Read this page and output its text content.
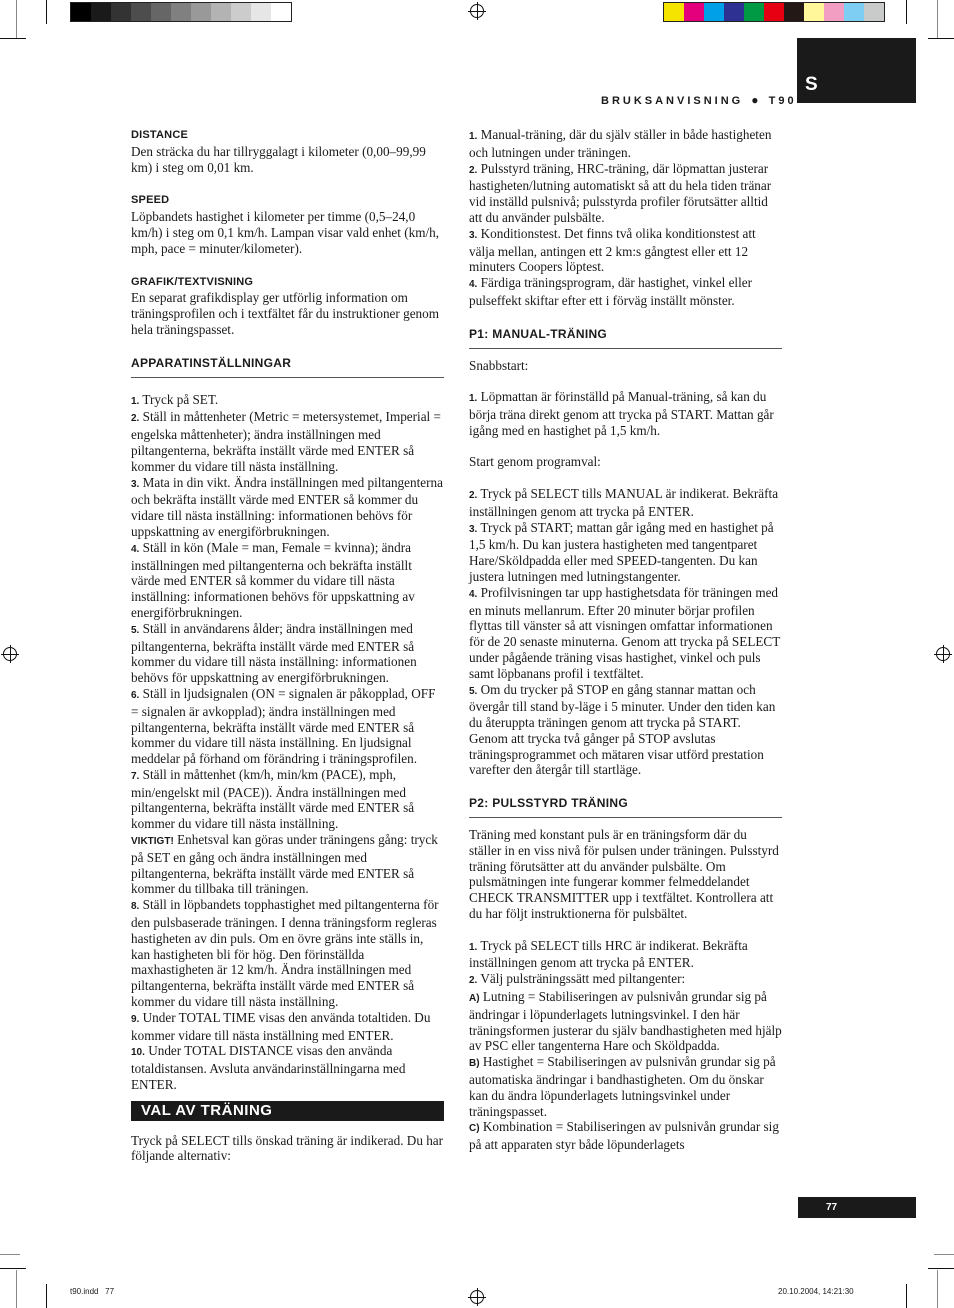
BRUKSANVISNING ● T90
S

DISTANCE

Den sträcka du har tillryggalagt i kilometer (0,00–99,99 km) i steg om 0,01 km.

SPEED

Löpbandets hastighet i kilometer per timme (0,5–24,0 km/h) i steg om 0,1 km/h. Lampan visar vald enhet (km/h, mph, pace = minuter/kilometer).

GRAFIK/TEXTVISNING

En separat grafikdisplay ger utförlig information om träningsprofilen och i textfältet får du instruktioner genom hela träningspasset.

APPARATINSTÄLLNINGAR

1. Tryck på SET.

2. Ställ in måttenheter (Metric = metersystemet, Imperial = engelska måttenheter); ändra inställningen med piltangenterna, bekräfta inställt värde med ENTER så kommer du vidare till nästa inställning.

3. Mata in din vikt. Ändra inställningen med piltangenterna och bekräfta inställt värde med ENTER så kommer du vidare till nästa inställning: informationen behövs för uppskattning av energiförbrukningen.

4. Ställ in kön (Male = man, Female = kvinna); ändra inställningen med piltangenterna och bekräfta inställt värde med ENTER så kommer du vidare till nästa inställning: informationen behövs för uppskattning av energiförbrukningen.

5. Ställ in användarens ålder; ändra inställningen med piltangenterna, bekräfta inställt värde med ENTER så kommer du vidare till nästa inställning: informationen behövs för uppskattning av energiförbrukningen.

6. Ställ in ljudsignalen (ON = signalen är påkopplad, OFF = signalen är avkopplad); ändra inställningen med piltangenterna, bekräfta inställt värde med ENTER så kommer du vidare till nästa inställning. En ljudsignal meddelar på förhand om förändring i träningsprofilen.

7. Ställ in måttenhet (km/h, min/km (PACE), mph, min/engelskt mil (PACE)). Ändra inställningen med piltangenterna, bekräfta inställt värde med ENTER så kommer du vidare till nästa inställning.

VIKTIGT! Enhetsval kan göras under träningens gång: tryck på SET en gång och ändra inställningen med piltangenterna, bekräfta inställt värde med ENTER så kommer du tillbaka till träningen.

8. Ställ in löpbandets topphastighet med piltangenterna för den pulsbaserade träningen. I denna träningsform regleras hastigheten av din puls. Om en övre gräns inte ställs in, kan hastigheten bli för hög. Den förinställda maxhastigheten är 12 km/h. Ändra inställningen med piltangenterna, bekräfta inställt värde med ENTER så kommer du vidare till nästa inställning.

9. Under TOTAL TIME visas den använda totaltiden. Du kommer vidare till nästa inställning med ENTER.

10. Under TOTAL DISTANCE visas den använda totaldistansen. Avsluta användarinställningarna med ENTER.

VAL AV TRÄNING

Tryck på SELECT tills önskad träning är indikerad. Du har följande alternativ:

1. Manual-träning, där du själv ställer in både hastigheten och lutningen under träningen.

2. Pulsstyrd träning, HRC-träning, där löpmattan justerar hastigheten/lutning automatiskt så att du hela tiden tränar vid inställd pulsnivå; pulsstyrda profiler förutsätter alltid att du använder pulsbälte.

3. Konditionstest. Det finns två olika konditionstest att välja mellan, antingen ett 2 km:s gångtest eller ett 12 minuters Coopers löptest.

4. Färdiga träningsprogram, där hastighet, vinkel eller pulseffekt skiftar efter ett i förväg inställt mönster.

P1: MANUAL-TRÄNING

Snabbstart:

1. Löpmattan är förinställd på Manual-träning, så kan du börja träna direkt genom att trycka på START. Mattan går igång med en hastighet på 1,5 km/h.

Start genom programval:

2. Tryck på SELECT tills MANUAL är indikerat. Bekräfta inställningen genom att trycka på ENTER.

3. Tryck på START; mattan går igång med en hastighet på 1,5 km/h. Du kan justera hastigheten med tangentparet Hare/Sköldpadda eller med SPEED-tangenten. Du kan justera lutningen med lutningstangenter.

4. Profilvisningen tar upp hastighetsdata för träningen med en minuts mellanrum. Efter 20 minuter börjar profilen flyttas till vänster så att visningen omfattar informationen för de 20 senaste minuterna. Genom att trycka på SELECT under pågående träning visas hastighet, vinkel och puls samt löpbanans profil i textfältet.

5. Om du trycker på STOP en gång stannar mattan och övergår till stand by-läge i 5 minuter. Under den tiden kan du återuppta träningen genom att trycka på START. Genom att trycka två gånger på STOP avslutas träningsprogrammet och mätaren visar utförd prestation varefter den återgår till startläge.

P2: PULSSTYRD TRÄNING

Träning med konstant puls är en träningsform där du ställer in en viss nivå för pulsen under träningen. Pulsstyrd träning förutsätter att du använder pulsbälte. Om pulsmätningen inte fungerar kommer felmeddelandet CHECK TRANSMITTER upp i textfältet. Kontrollera att du har följt instruktionerna för pulsbältet.

1. Tryck på SELECT tills HRC är indikerat. Bekräfta inställningen genom att trycka på ENTER.

2. Välj pulsträningssätt med piltangenter:

A) Lutning = Stabiliseringen av pulsnivån grundar sig på ändringar i löpunderlagets lutningsvinkel. I den här träningsformen justerar du själv bandhastigheten med hjälp av PSC eller tangenterna Hare och Sköldpadda.

B) Hastighet = Stabiliseringen av pulsnivån grundar sig på automatiska ändringar i bandhastigheten. Om du önskar kan du ändra löpunderlagets lutningsvinkel under träningspasset.

C) Kombination = Stabiliseringen av pulsnivån grundar sig på att apparaten styr både löpunderlagets

77
t90.indd   77	20.10.2004, 14:21:30
